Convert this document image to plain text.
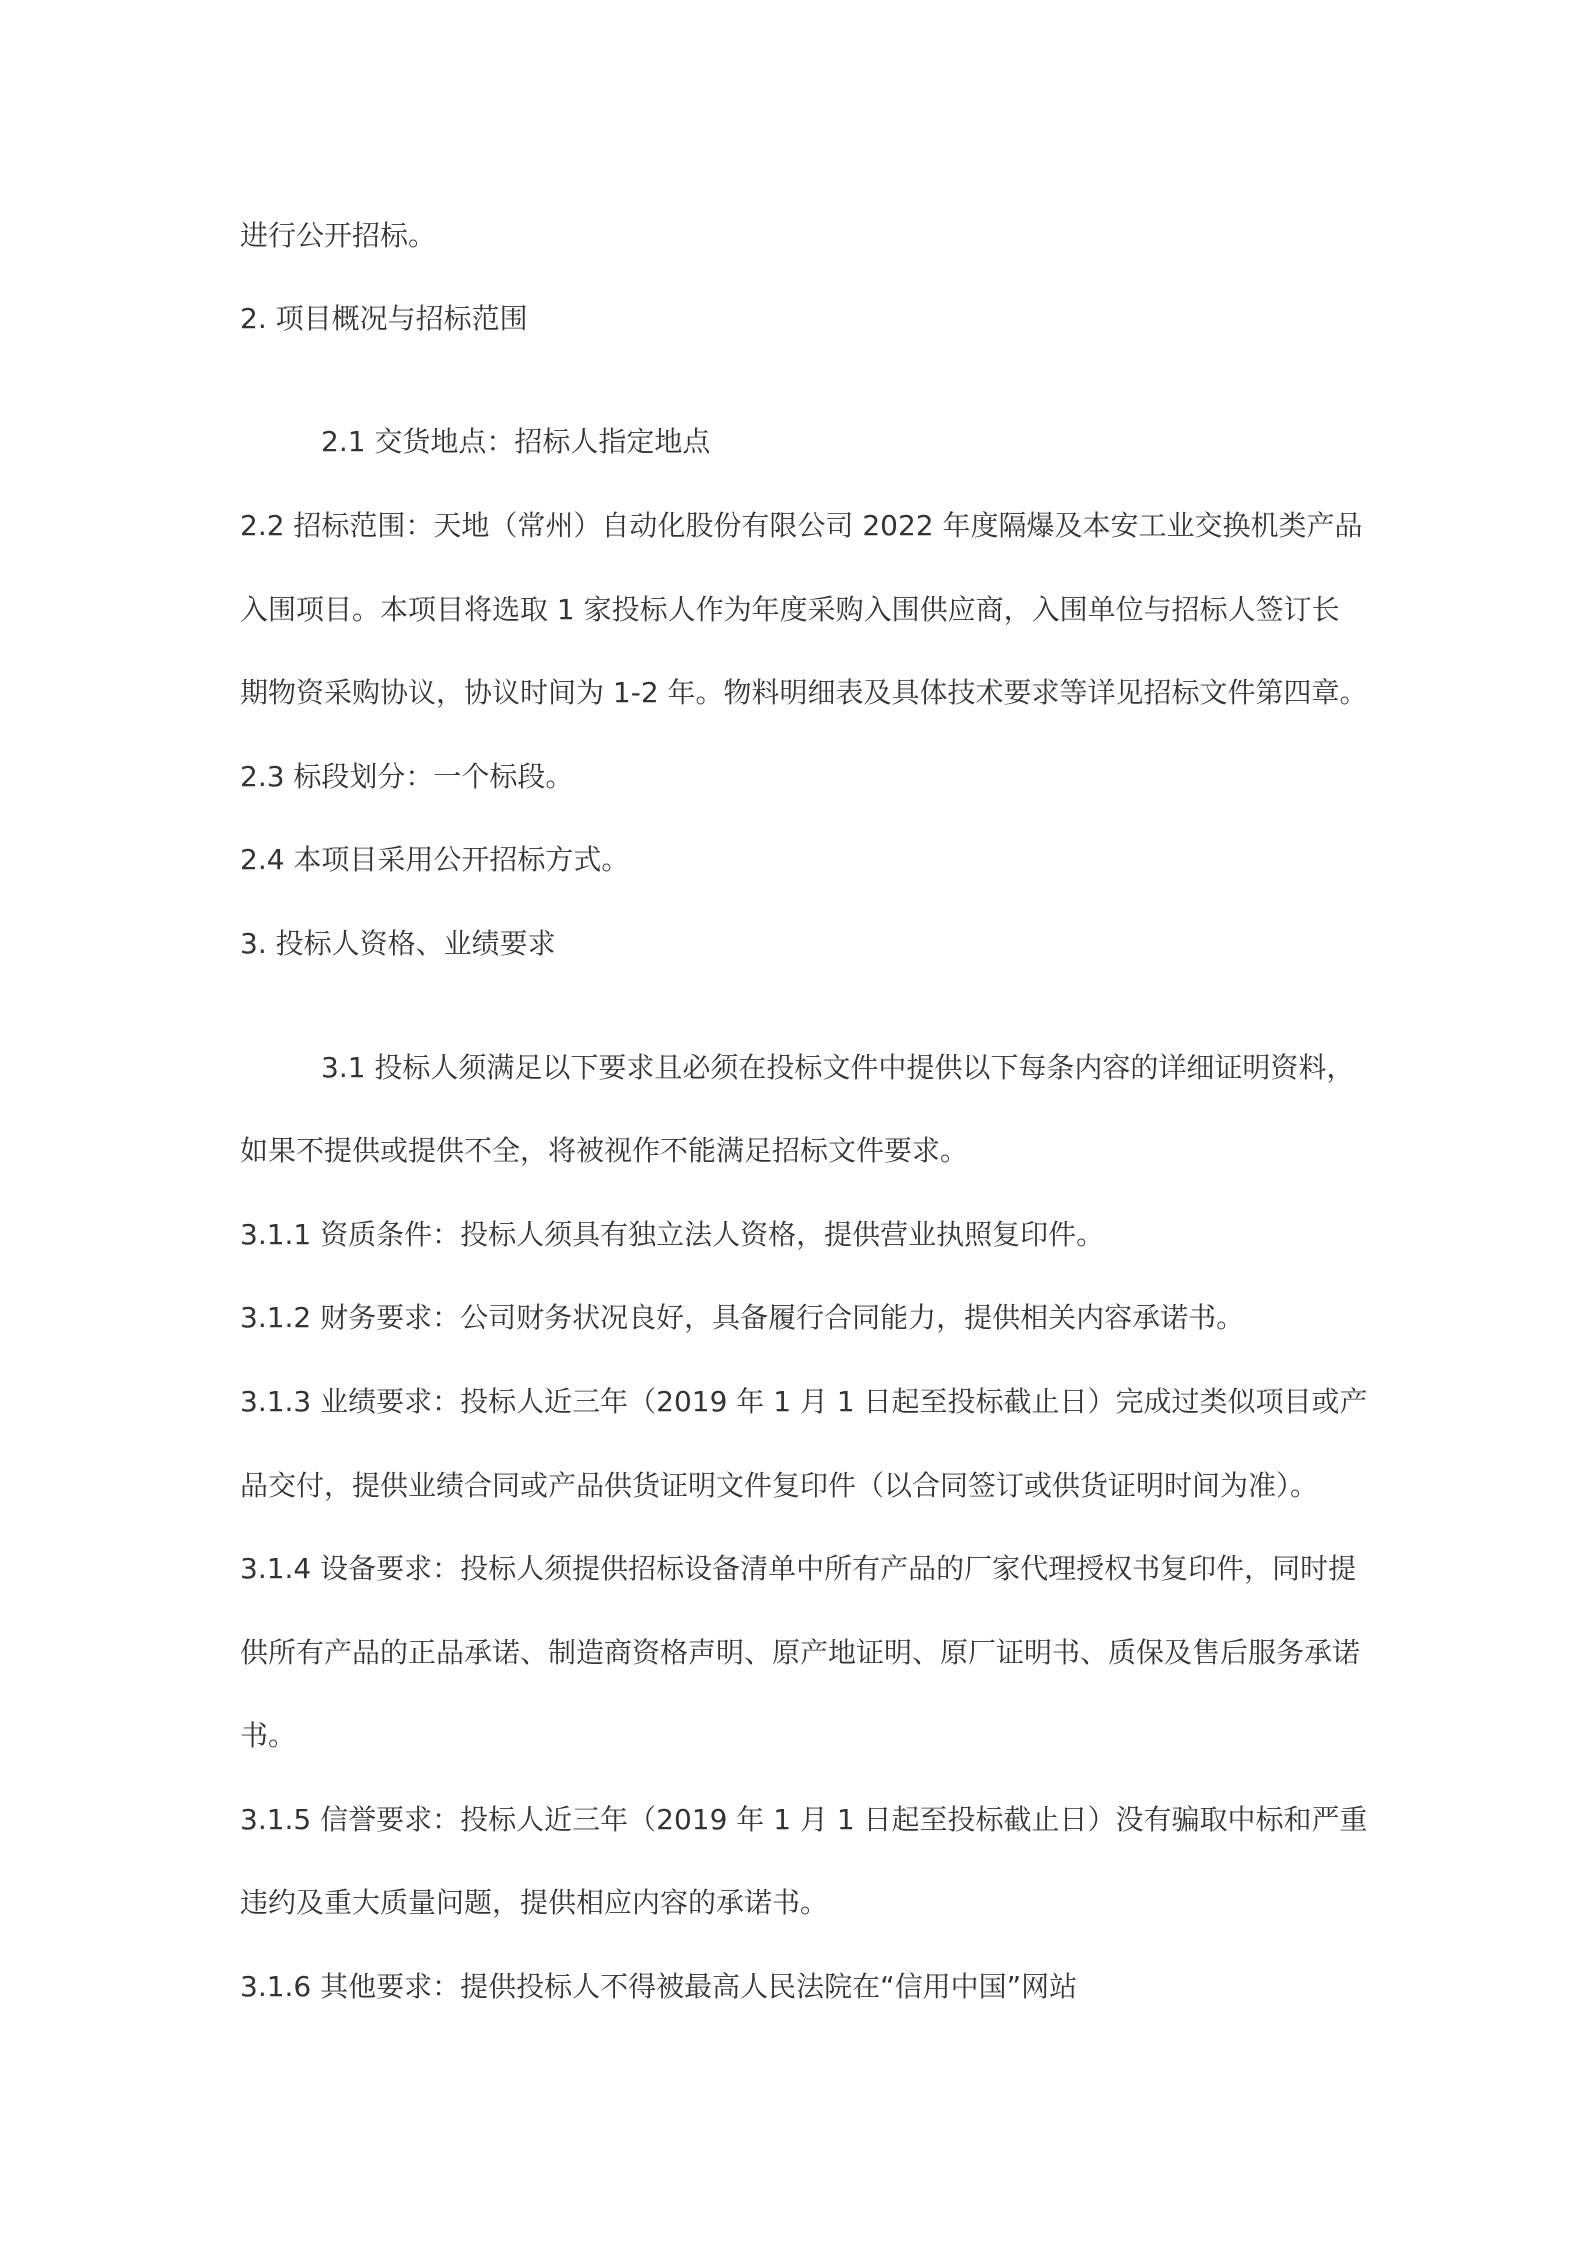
进行公开招标。
2. 项目概况与招标范围
2.1 交货地点：招标人指定地点
2.2 招标范围：天地（常州）自动化股份有限公司 2022 年度隔爆及本安工业交换机类产品
入围项目。本项目将选取 1 家投标人作为年度采购入围供应商，入围单位与招标人签订长
期物资采购协议，协议时间为 1-2 年。物料明细表及具体技术要求等详见招标文件第四章。
2.3 标段划分：一个标段。
2.4 本项目采用公开招标方式。
3. 投标人资格、业绩要求
3.1 投标人须满足以下要求且必须在投标文件中提供以下每条内容的详细证明资料，
如果不提供或提供不全，将被视作不能满足招标文件要求。
3.1.1 资质条件：投标人须具有独立法人资格，提供营业执照复印件。
3.1.2 财务要求：公司财务状况良好，具备履行合同能力，提供相关内容承诺书。
3.1.3 业绩要求：投标人近三年（2019 年 1 月 1 日起至投标截止日）完成过类似项目或产
品交付，提供业绩合同或产品供货证明文件复印件（以合同签订或供货证明时间为准）。
3.1.4 设备要求：投标人须提供招标设备清单中所有产品的厂家代理授权书复印件，同时提
供所有产品的正品承诺、制造商资格声明、原产地证明、原厂证明书、质保及售后服务承诺
书。
3.1.5 信誉要求：投标人近三年（2019 年 1 月 1 日起至投标截止日）没有骗取中标和严重
违约及重大质量问题，提供相应内容的承诺书。
3.1.6 其他要求：提供投标人不得被最高人民法院在“信用中国”网站
